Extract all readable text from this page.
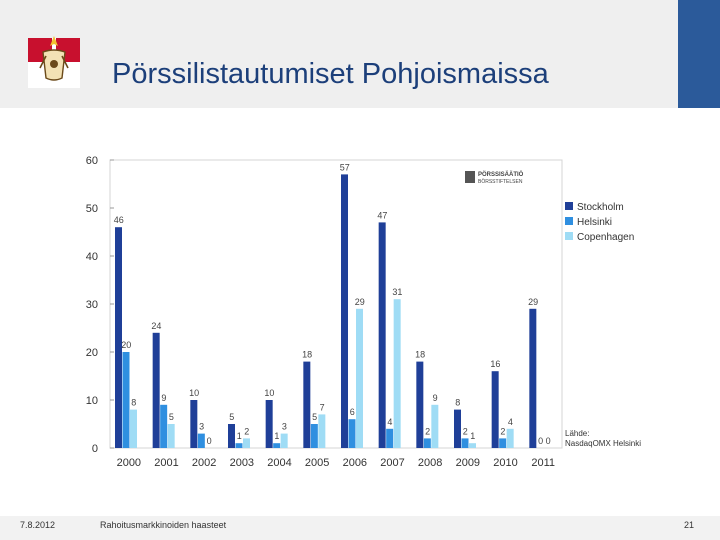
Pörssilistautumiset Pohjoismaissa
0
10
20
30
40
50
60
46
20
8
24
9
5
10
3
0
5
1 2
10
1
3
18
5
7
57
6
29
47
4
31
18
2
9 8
2 1
16
2
4
29
0 0
2000 2001 2002 2003 2004 2005 2006 2007 2008 2009 2010 2011
Stockholm
Helsinki
Copenhagen
PÖRSSISÄÄTIÖ
BÖRSSTIFTELSEN
Lähde:
NasdaqOMX Helsinki
7.8.2012	Rahoitusmarkkinoiden haasteet	21
